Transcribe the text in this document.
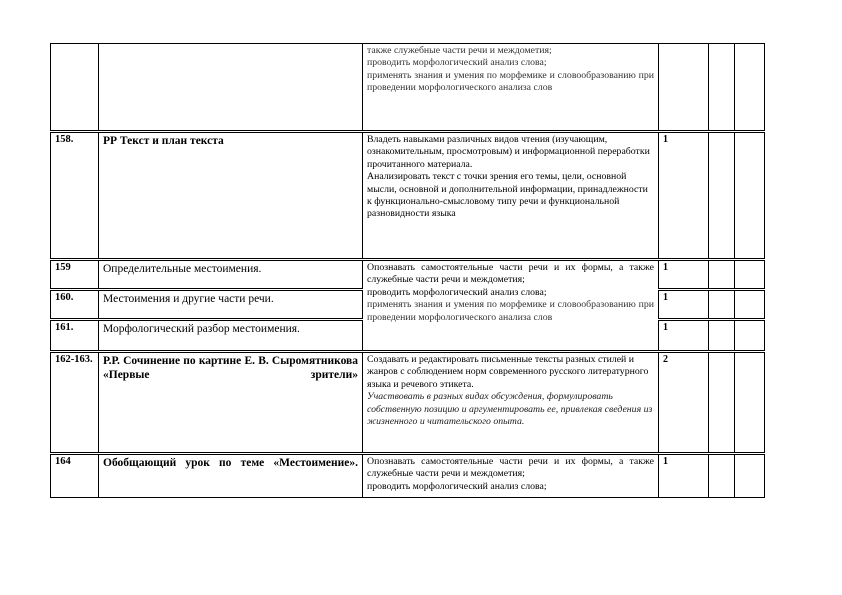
		также служебные части речи и междометия;

проводить морфологический анализ слова;

применять знания и умения по морфемике и словообразованию при проведении морфологического анализа слов			

158.	РР Текст и план текста	Владеть навыками различных видов чтения (изучающим, ознакомительным, просмотровым) и информационной переработки прочитанного материала.

Анализировать текст с точки зрения его темы, цели, основной мысли, основной и дополнительной информации, принадлежности к функционально-смысловому типу речи и функциональной разновидности языка	1		
159	Определительные местоимения.	Опознавать самостоятельные части речи и их формы, а также служебные части речи и междометия;

проводить морфологический анализ слова;

применять знания и умения по морфемике и словообразованию при проведении морфологического анализа слов	1		
160.	Местоимения и другие части речи.		1		
161.	Морфологический разбор местоимения.		1		
162-163.	Р.Р. Сочинение по картине Е. В. Сыромятникова «Первые зрители»	Создавать и редактировать письменные тексты разных стилей и жанров с соблюдением норм современного русского литературного языка и речевого этикета.

Участвовать в разных видах обсуждения, формулировать собственную позицию и аргументировать ее, привлекая сведения из жизненного и читательского опыта.	2		
164	Обобщающий урок по теме «Местоимение».	Опознавать самостоятельные части речи и их формы, а также служебные части речи и междометия;

проводить морфологический анализ слова;	1		
